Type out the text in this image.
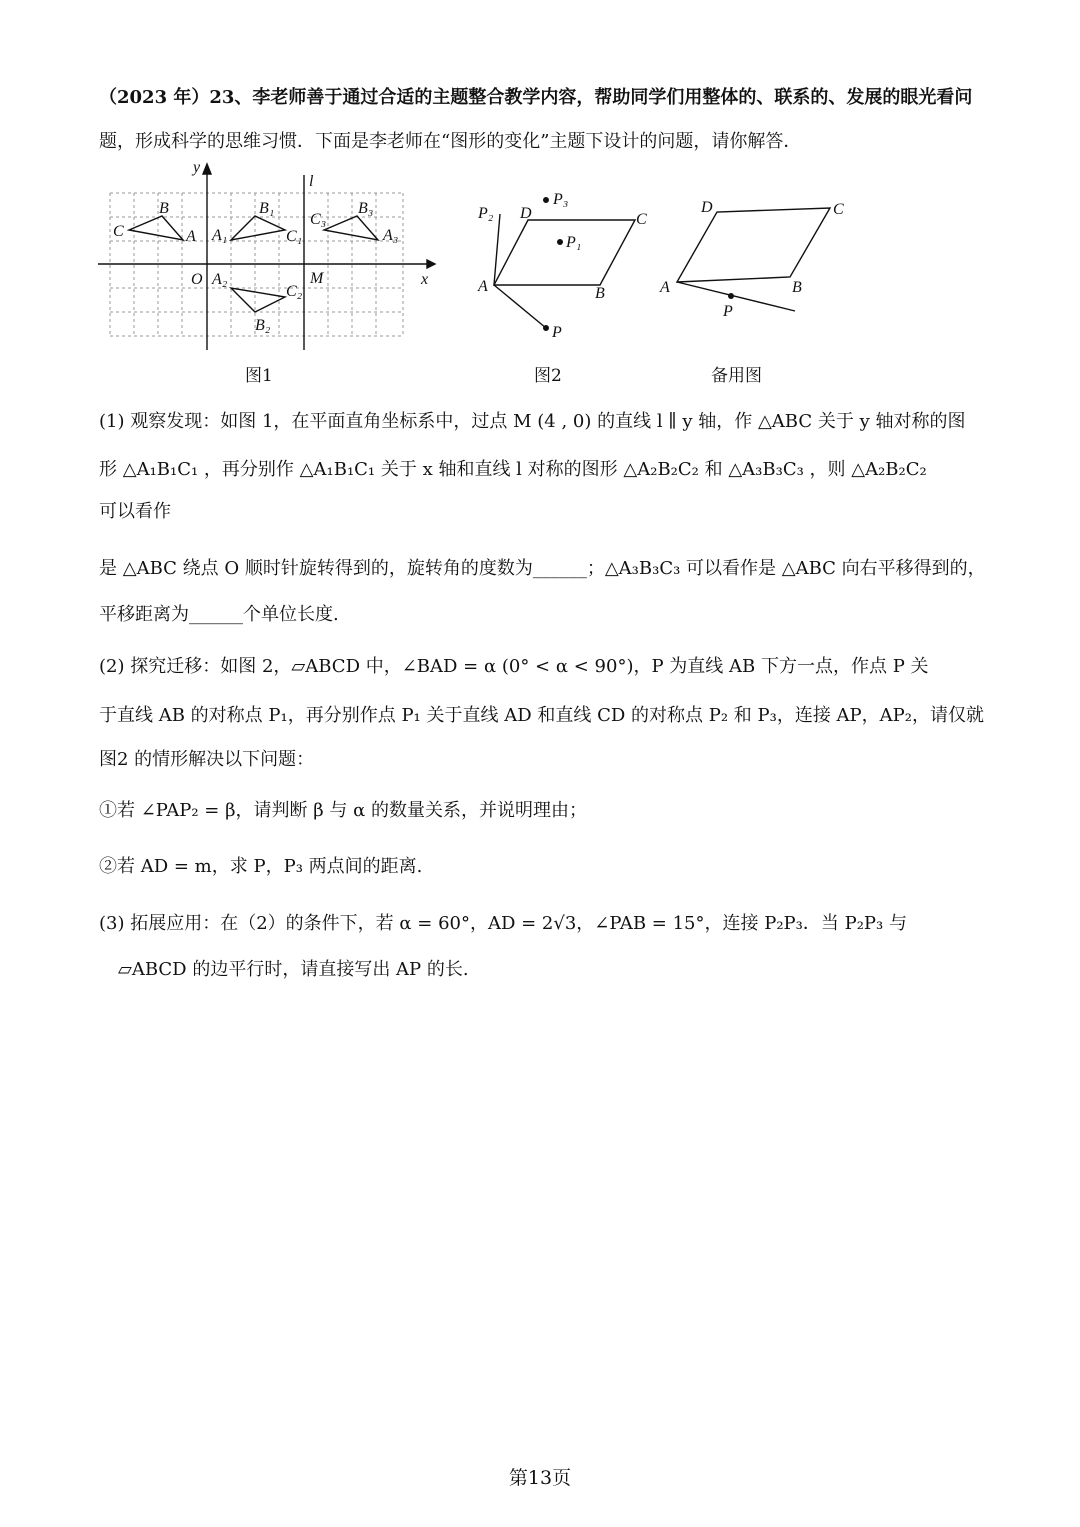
（2023 年）23、李老师善于通过合适的主题整合教学内容，帮助同学们用整体的、联系的、发展的眼光看问
题，形成科学的思维习惯．下面是李老师在“图形的变化”主题下设计的问题，请你解答．
y
l
x
O	M
C
B
A A₁
B₁
C₁
A₂
C₂
B₂
C₃
B₃
A₃
图1
A	B
C
D
P₂
P₃
P₁
P
图2
A	B
C
D
P
备用图
(1) 观察发现：如图 1，在平面直角坐标系中，过点 M (4 , 0) 的直线 l ∥ y 轴，作 △ABC 关于 y 轴对称的图
形 △A₁B₁C₁ ，再分别作 △A₁B₁C₁ 关于 x 轴和直线 l 对称的图形 △A₂B₂C₂ 和 △A₃B₃C₃ ，则 △A₂B₂C₂
可以看作
是 △ABC 绕点 O 顺时针旋转得到的，旋转角的度数为______；△A₃B₃C₃ 可以看作是 △ABC 向右平移得到的，
平移距离为______个单位长度.
(2) 探究迁移：如图 2，▱ABCD 中，∠BAD = α (0° < α < 90°)，P 为直线 AB 下方一点，作点 P 关
于直线 AB 的对称点 P₁，再分别作点 P₁ 关于直线 AD 和直线 CD 的对称点 P₂ 和 P₃，连接 AP，AP₂，请仅就
图2 的情形解决以下问题：
①若 ∠PAP₂ = β，请判断 β 与 α 的数量关系，并说明理由；
②若 AD = m，求 P，P₃ 两点间的距离.
(3) 拓展应用：在（2）的条件下，若 α = 60°，AD = 2√3，∠PAB = 15°，连接 P₂P₃．当 P₂P₃ 与
▱ABCD 的边平行时，请直接写出 AP 的长.
第13页
